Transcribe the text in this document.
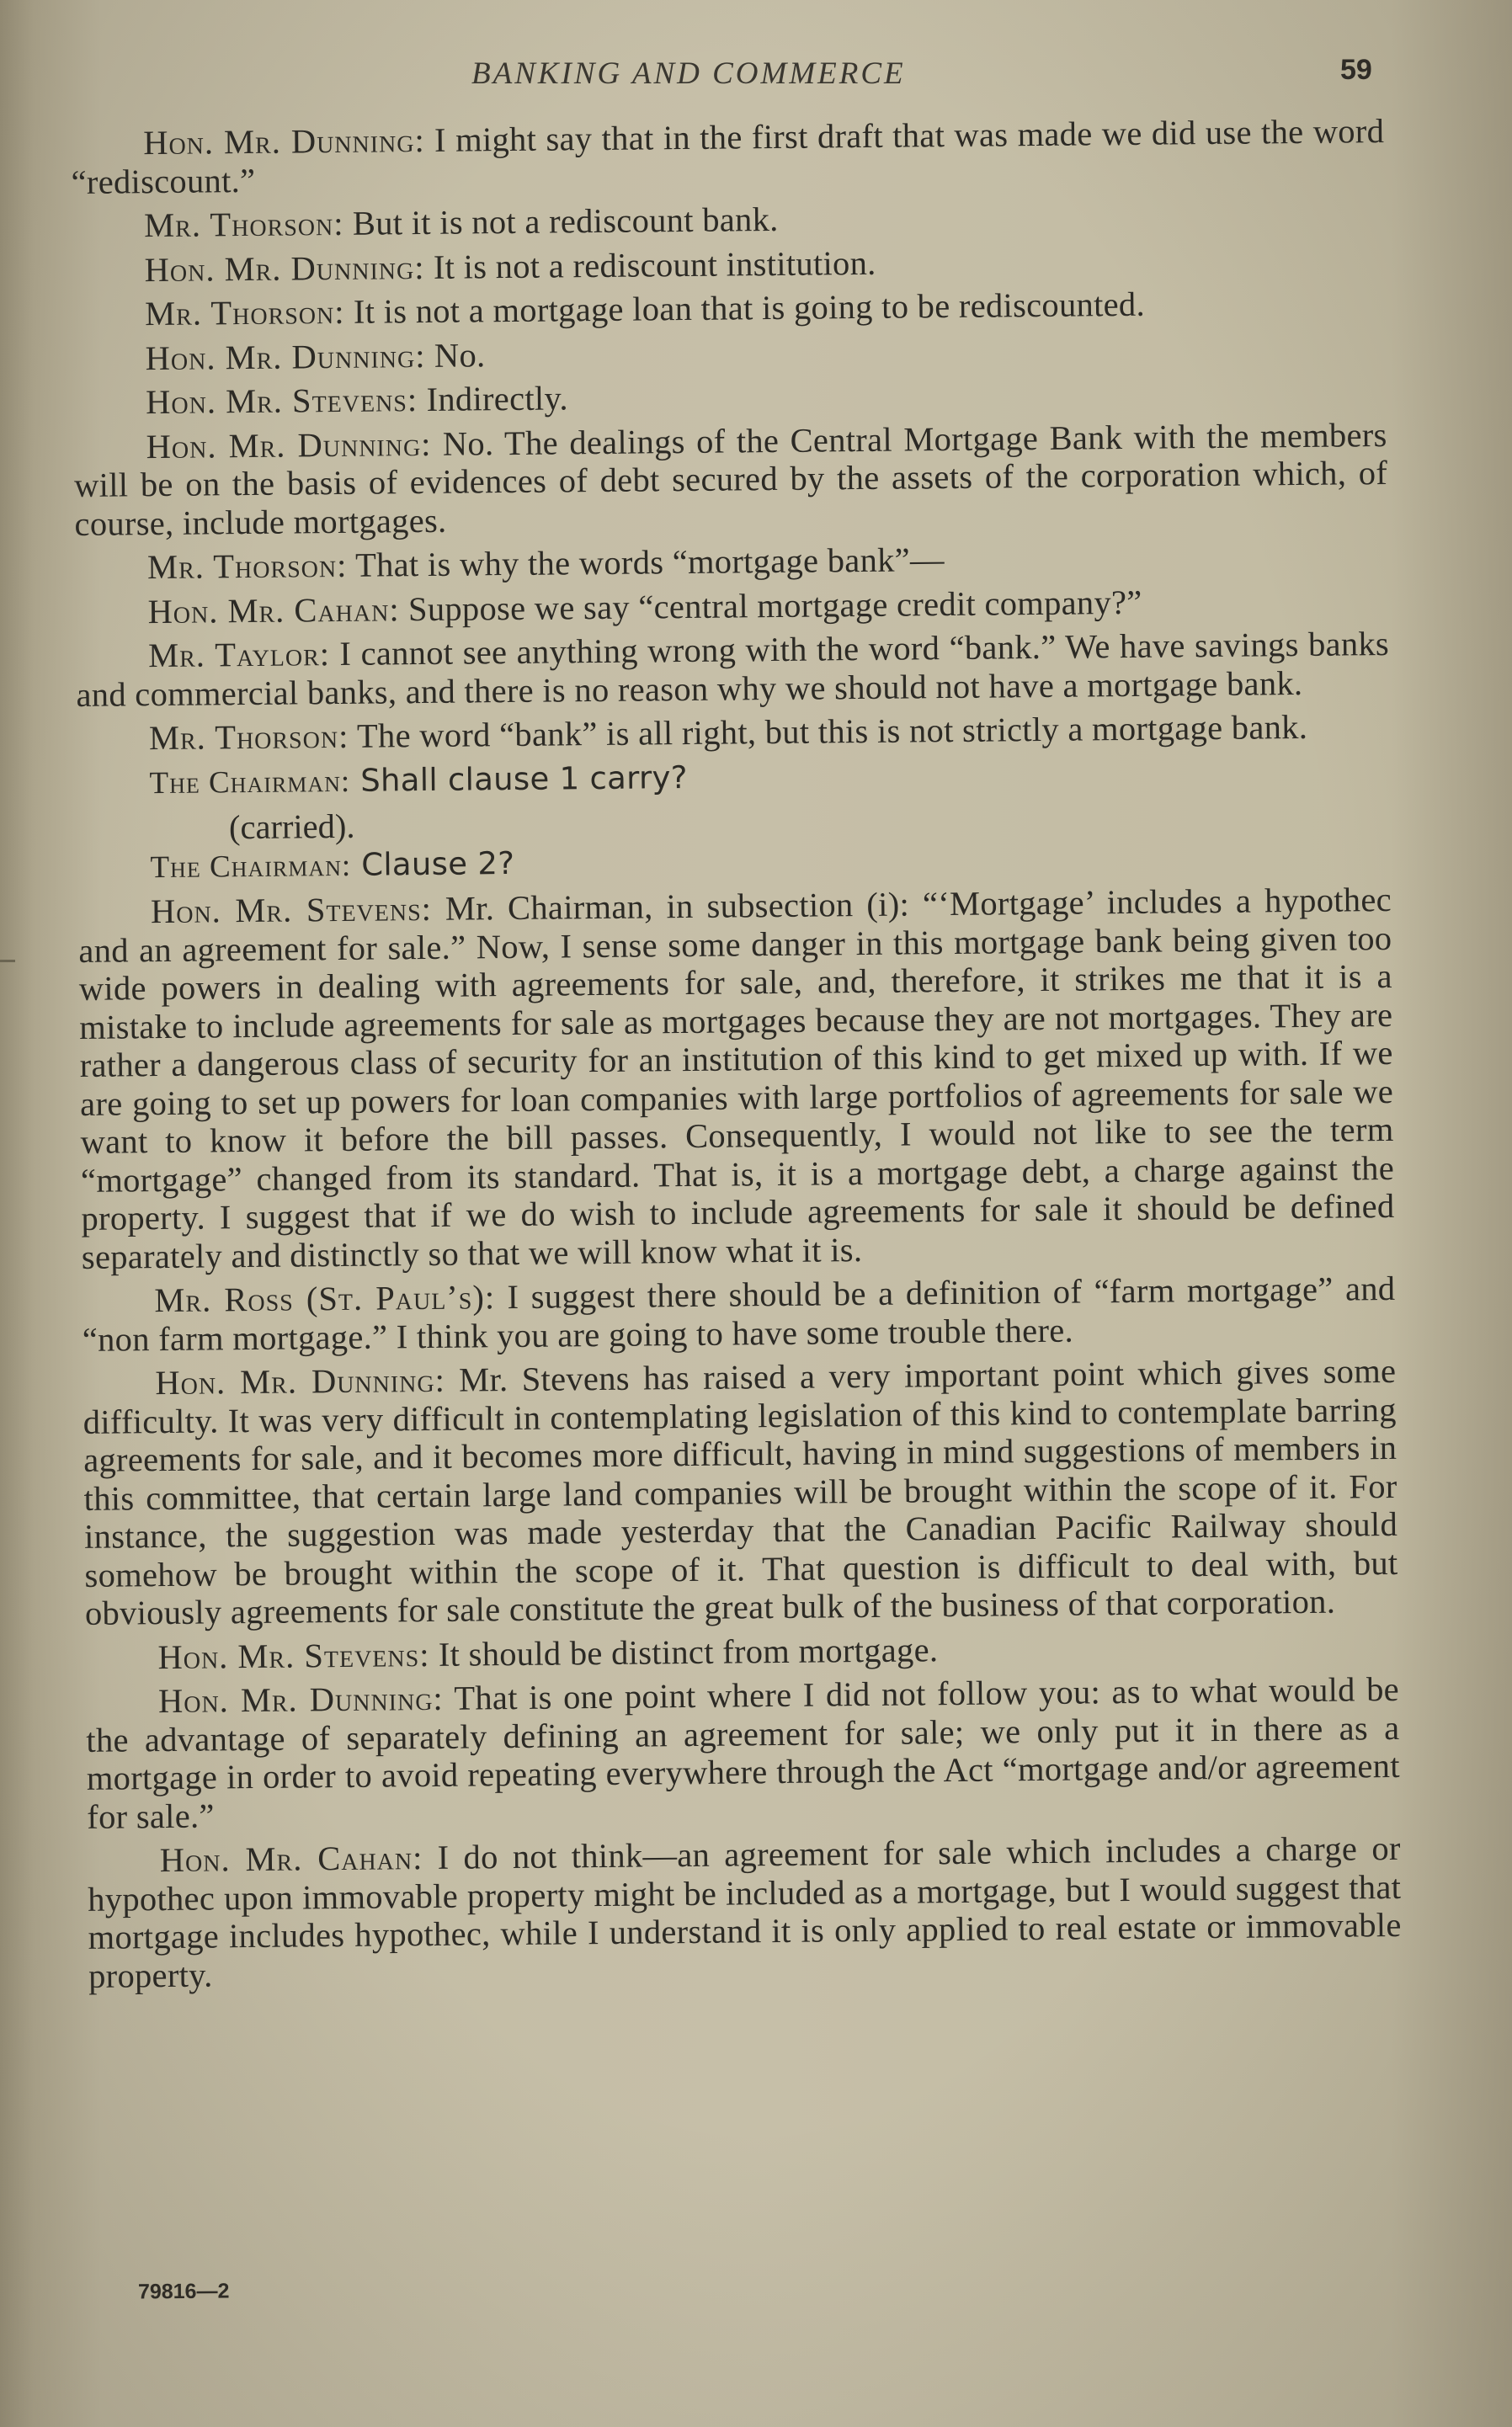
BANKING AND COMMERCE	59

Hon. Mr. Dunning: I might say that in the first draft that was made we did use the word “rediscount.”

Mr. Thorson: But it is not a rediscount bank.

Hon. Mr. Dunning: It is not a rediscount institution.

Mr. Thorson: It is not a mortgage loan that is going to be rediscounted.

Hon. Mr. Dunning: No.

Hon. Mr. Stevens: Indirectly.

Hon. Mr. Dunning: No. The dealings of the Central Mortgage Bank with the members will be on the basis of evidences of debt secured by the assets of the corporation which, of course, include mortgages.

Mr. Thorson: That is why the words “mortgage bank”—

Hon. Mr. Cahan: Suppose we say “central mortgage credit company?”

Mr. Taylor: I cannot see anything wrong with the word “bank.” We have savings banks and commercial banks, and there is no reason why we should not have a mortgage bank.

Mr. Thorson: The word “bank” is all right, but this is not strictly a mortgage bank.

The Chairman: Shall clause 1 carry?

(carried).

The Chairman: Clause 2?

Hon. Mr. Stevens: Mr. Chairman, in subsection (i): “‘Mortgage’ includes a hypothec and an agreement for sale.” Now, I sense some danger in this mortgage bank being given too wide powers in dealing with agreements for sale, and, therefore, it strikes me that it is a mistake to include agreements for sale as mortgages because they are not mortgages. They are rather a dangerous class of security for an institution of this kind to get mixed up with. If we are going to set up powers for loan companies with large portfolios of agreements for sale we want to know it before the bill passes. Consequently, I would not like to see the term “mortgage” changed from its standard. That is, it is a mortgage debt, a charge against the property. I suggest that if we do wish to include agreements for sale it should be defined separately and distinctly so that we will know what it is.

Mr. Ross (St. Paul’s): I suggest there should be a definition of “farm mortgage” and “non farm mortgage.” I think you are going to have some trouble there.

Hon. Mr. Dunning: Mr. Stevens has raised a very important point which gives some difficulty. It was very difficult in contemplating legislation of this kind to contemplate barring agreements for sale, and it becomes more difficult, having in mind suggestions of members in this committee, that certain large land companies will be brought within the scope of it. For instance, the suggestion was made yesterday that the Canadian Pacific Railway should somehow be brought within the scope of it. That question is difficult to deal with, but obviously agreements for sale constitute the great bulk of the business of that corporation.

Hon. Mr. Stevens: It should be distinct from mortgage.

Hon. Mr. Dunning: That is one point where I did not follow you: as to what would be the advantage of separately defining an agreement for sale; we only put it in there as a mortgage in order to avoid repeating everywhere through the Act “mortgage and/or agreement for sale.”

Hon. Mr. Cahan: I do not think—an agreement for sale which includes a charge or hypothec upon immovable property might be included as a mortgage, but I would suggest that mortgage includes hypothec, while I understand it is only applied to real estate or immovable property.

79816—2
